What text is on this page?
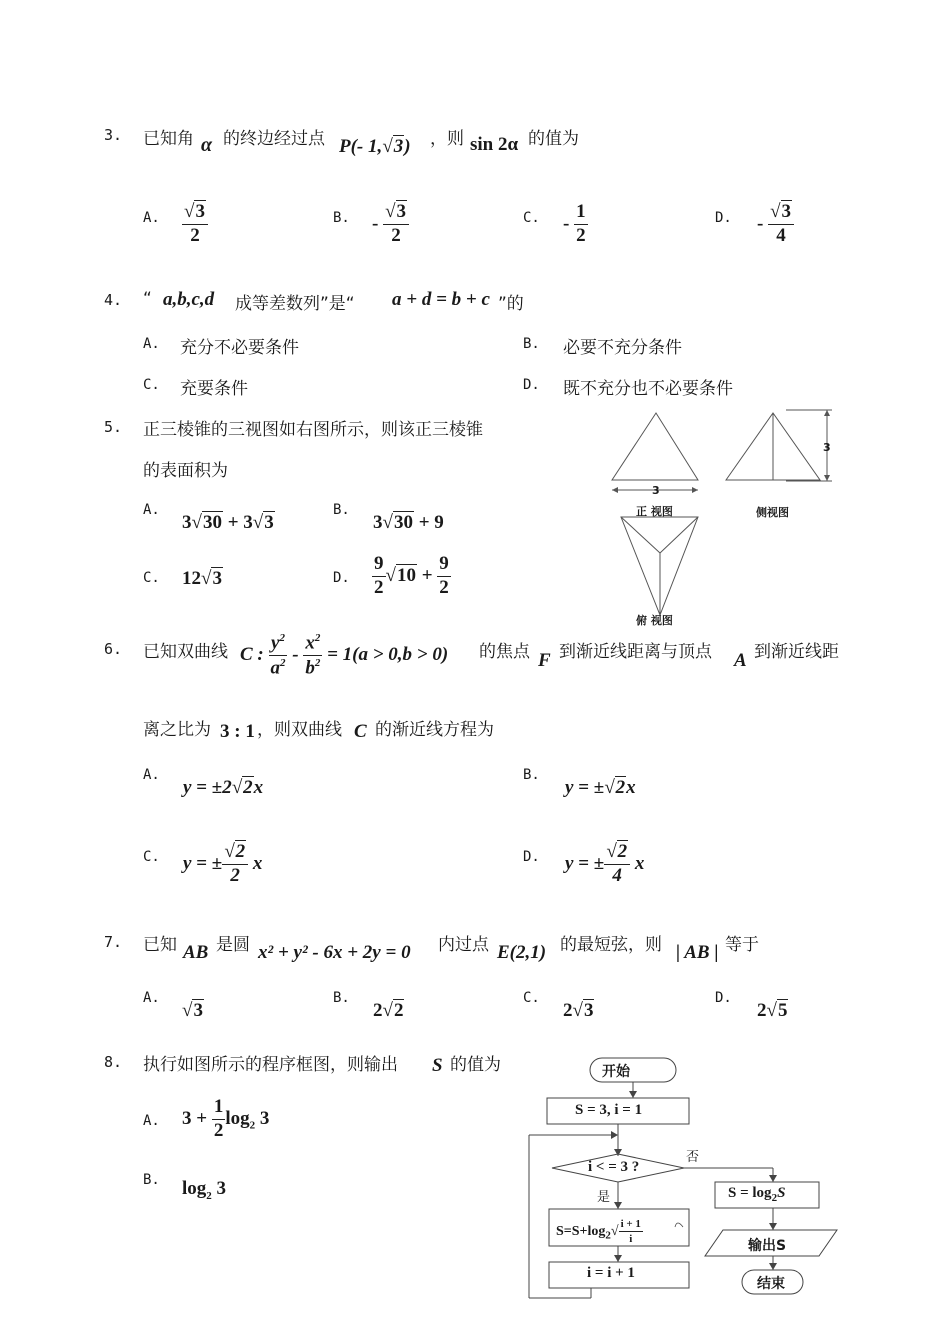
3. 已知角 α 的终边经过点 P(- 1,√3) ，则 sin 2α 的值为
A. $\frac{√3}{2}$	B. - $\frac{√3}{2}$	C. - $\frac{1}{2}$	D. - $\frac{√3}{4}$
4. “ a,b,c,d 成等差数列”是“ a + d = b + c ”的
A. 充分不必要条件	B. 必要不充分条件
C. 充要条件	D. 既不充分也不必要条件
5. 正三棱锥的三视图如右图所示，则该正三棱锥
的表面积为
A.
3√30 + 3√3
B.
3√30 + 9
C. 12√3	D. $\frac{9}{2} √10 + \frac{9}{2}$
3
3
正 视图	侧视图
俯 视图
6. 已知双曲线 C : $\frac{y^2}{a^2} - \frac{x^2}{b^2} = 1(a > 0,b > 0)$ 的焦点 F 到渐近线距离与顶点 A 到渐近线距
离之比为 3 : 1 ，则双曲线 C 的渐近线方程为
A.
y = ±2√2x
B.
y = ±√2x
C. y = ± $\frac{√2}{2}$ x	D. y = ± $\frac{√2}{4}$ x
7. 已知 AB 是圆 x² + y² - 6x + 2y = 0 内过点 E(2,1) 的最短弦，则 | AB | 等于
A.
√3
B.
2√2
C.
2√3
D.
2√5
8. 执行如图所示的程序框图，则输出 S 的值为
A. $3 + \frac{1}{2} \log_2 3$
B. $\log_2 3$
开始
S = 3, i = 1
i < = 3 ?
否
是
$S=S+\log_2√ \frac{i + 1}{i}$
i = i + 1
$S = \log_2S$
输出S
结束
